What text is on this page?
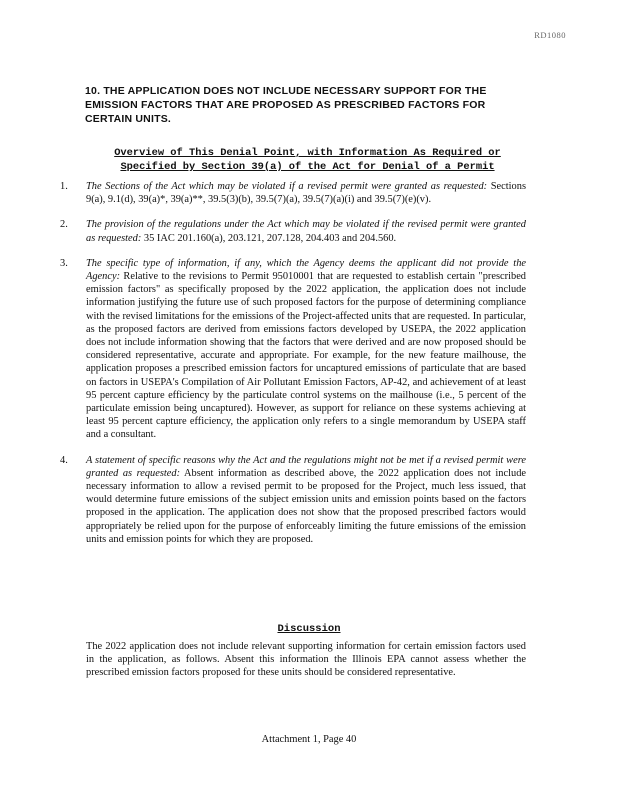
RD1080
10. THE APPLICATION DOES NOT INCLUDE NECESSARY SUPPORT FOR THE EMISSION FACTORS THAT ARE PROPOSED AS PRESCRIBED FACTORS FOR CERTAIN UNITS.

Overview of This Denial Point, with Information As Required or Specified by Section 39(a) of the Act for Denial of a Permit

1. The Sections of the Act which may be violated if a revised permit were granted as requested: Sections 9(a), 9.1(d), 39(a)*, 39(a)**, 39.5(3)(b), 39.5(7)(a), 39.5(7)(a)(i) and 39.5(7)(e)(v).
2. The provision of the regulations under the Act which may be violated if the revised permit were granted as requested: 35 IAC 201.160(a), 203.121, 207.128, 204.403 and 204.560.
3. The specific type of information, if any, which the Agency deems the applicant did not provide the Agency: Relative to the revisions to Permit 95010001 that are requested to establish certain "prescribed emission factors" as specifically proposed by the 2022 application, the application does not include information justifying the future use of such proposed factors for the purpose of determining compliance with the revised limitations for the emissions of the Project-affected units that are requested. In particular, as the proposed factors are derived from emissions factors developed by USEPA, the 2022 application does not include information showing that the factors that were derived and are now proposed should be considered representative, accurate and appropriate. For example, for the new feature mailhouse, the application proposes a prescribed emission factors for uncaptured emissions of particulate that are based on factors in USEPA's Compilation of Air Pollutant Emission Factors, AP-42, and achievement of at least 95 percent capture efficiency by the particulate control systems on the mailhouse (i.e., 5 percent of the particulate emission being uncaptured). However, as support for reliance on these systems achieving at least 95 percent capture efficiency, the application only refers to a single memorandum by USEPA staff and a consultant.
4. A statement of specific reasons why the Act and the regulations might not be met if a revised permit were granted as requested: Absent information as described above, the 2022 application does not include necessary information to allow a revised permit to be proposed for the Project, much less issued, that would determine future emissions of the subject emission units and emission points based on the factors proposed in the application. The application does not show that the proposed prescribed factors would appropriately be relied upon for the purpose of enforceably limiting the future emissions of the emission units and emission points for which they are proposed.
Discussion

The 2022 application does not include relevant supporting information for certain emission factors used in the application, as follows. Absent this information the Illinois EPA cannot assess whether the prescribed emission factors proposed for these units should be considered representative.

Attachment 1, Page 40
